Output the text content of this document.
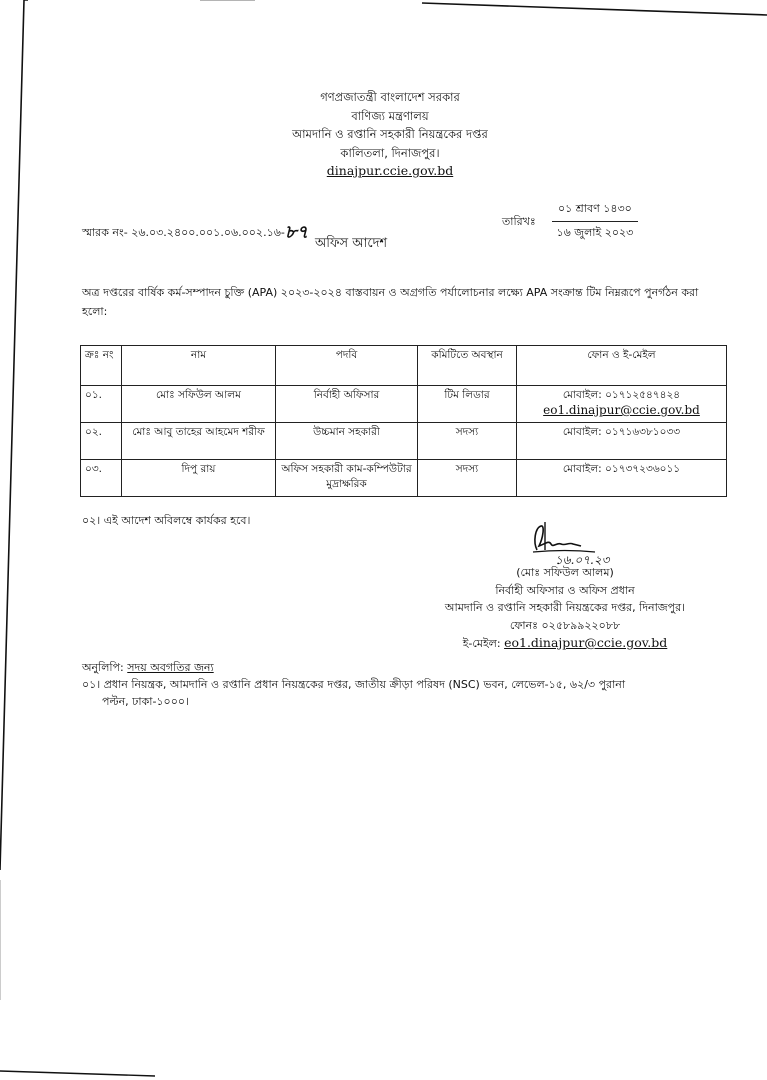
গণপ্রজাতন্ত্রী বাংলাদেশ সরকার
বাণিজ্য মন্ত্রণালয়
আমদানি ও রপ্তানি সহকারী নিয়ন্ত্রকের দপ্তর
কালিতলা, দিনাজপুর।
dinajpur.ccie.gov.bd
স্মারক নং- ২৬.০৩.২৪০০.০০১.০৬.০০২.১৬-৮৭
তারিখঃ $\frac{\text{০১ শ্রাবণ ১৪৩০}}{\text{১৬ জুলাই ২০২৩}}$
অফিস আদেশ
অত্র দপ্তরের বার্ষিক কর্ম-সম্পাদন চুক্তি (APA) ২০২৩-২০২৪ বাস্তবায়ন ও অগ্রগতি পর্যালোচনার লক্ষ্যে APA সংক্রান্ত টিম নিম্নরূপে পুনর্গঠন করা হলো:
ক্রঃ নং	নাম	পদবি	কমিটিতে অবস্থান	ফোন ও ই-মেইল
০১.	মোঃ সফিউল আলম	নির্বাহী অফিসার	টিম লিডার	মোবাইল: ০১৭১২৫৪৭৪২৪
eo1.dinajpur@ccie.gov.bd

০২.	মোঃ আবু তাহের আহমেদ শরীফ	উচ্চমান সহকারী	সদস্য	মোবাইল: ০১৭১৬৩৮১০৩৩

০৩.	দিপু রায়	অফিস সহকারী কাম-কম্পিউটার মুদ্রাক্ষরিক	সদস্য	মোবাইল: ০১৭৩৭২৩৬০১১
০২। এই আদেশ অবিলম্বে কার্যকর হবে।
১৬.০৭.২৩
(মোঃ সফিউল আলম)
নির্বাহী অফিসার ও অফিস প্রধান
আমদানি ও রপ্তানি সহকারী নিয়ন্ত্রকের দপ্তর, দিনাজপুর।
ফোনঃ ০২৫৮৯৯২২০৮৮
ই-মেইল: eo1.dinajpur@ccie.gov.bd
অনুলিপি: সদয় অবগতির জন্য
০১। প্রধান নিয়ন্ত্রক, আমদানি ও রপ্তানি প্রধান নিয়ন্ত্রকের দপ্তর, জাতীয় ক্রীড়া পরিষদ (NSC) ভবন, লেভেল-১৫, ৬২/৩ পুরানা
পল্টন, ঢাকা-১০০০।
